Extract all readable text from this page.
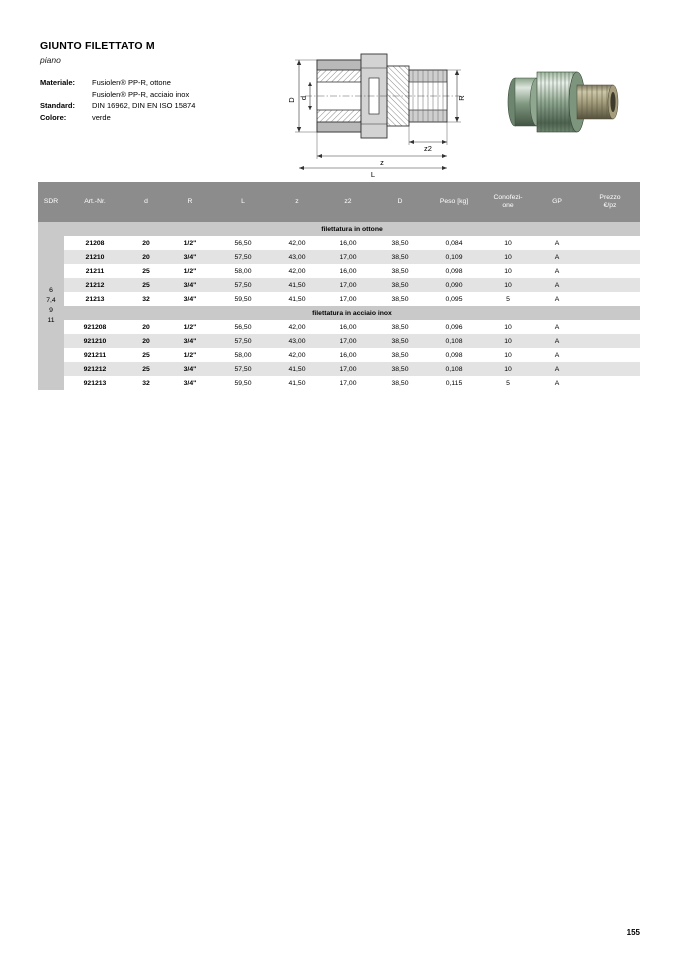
GIUNTO FILETTATO M
piano
Materiale:	Fusiolen® PP-R, ottone
Fusiolen® PP-R, acciaio inox
Standard:	DIN 16962, DIN EN ISO 15874
Colore:	verde
D d	R
z2
z
L
SDR	Art.-Nr.	d	R	L	z	z2	D	Peso [kg]	Conofezi-
one	GP	Prezzo
€/pz
6
7,4
9
11	filettatura in ottone										
	21208	20	1/2"	56,50	42,00	16,00	38,50	0,084	10	A	
	21210	20	3/4"	57,50	43,00	17,00	38,50	0,109	10	A	
	21211	25	1/2"	58,00	42,00	16,00	38,50	0,098	10	A	
	21212	25	3/4"	57,50	41,50	17,00	38,50	0,090	10	A	
	21213	32	3/4"	59,50	41,50	17,00	38,50	0,095	5	A	
	filettatura in acciaio inox										
	921208	20	1/2"	56,50	42,00	16,00	38,50	0,096	10	A	
	921210	20	3/4"	57,50	43,00	17,00	38,50	0,108	10	A	
	921211	25	1/2"	58,00	42,00	16,00	38,50	0,098	10	A	
	921212	25	3/4"	57,50	41,50	17,00	38,50	0,108	10	A	
	921213	32	3/4"	59,50	41,50	17,00	38,50	0,115	5	A	
155
